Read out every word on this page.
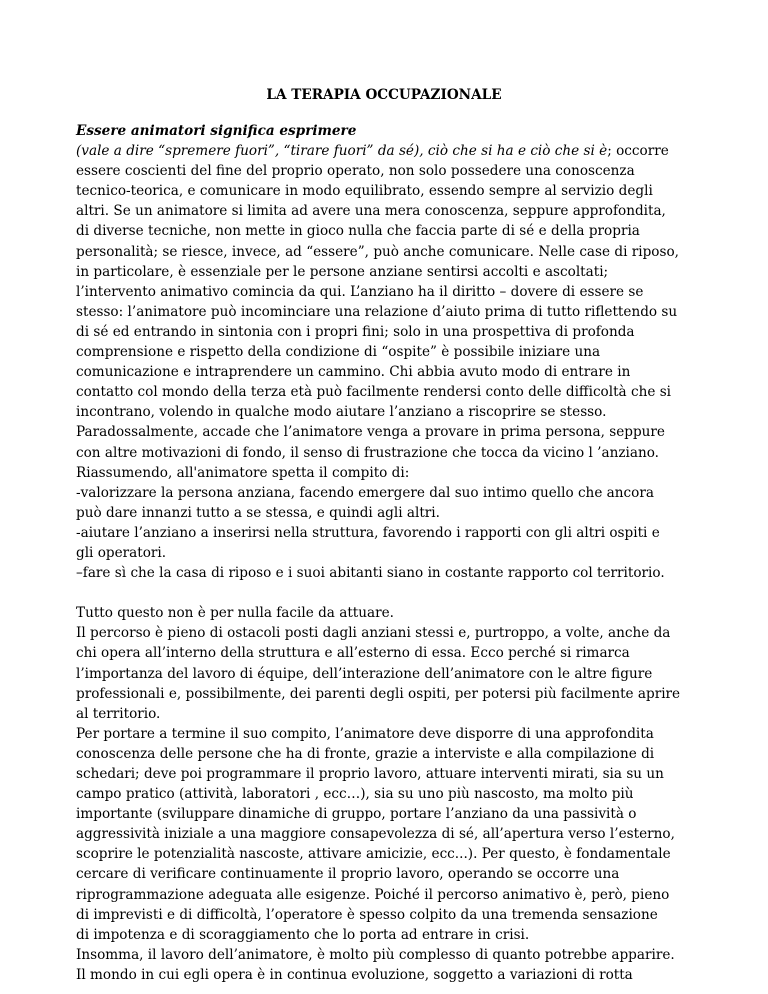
LA TERAPIA OCCUPAZIONALE
Essere animatori significa esprimere
(vale a dire “spremere fuori”, “tirare fuori” da sé), ciò che si ha e ciò che si è; occorre
essere coscienti del fine del proprio operato, non solo possedere una conoscenza
tecnico-teorica, e comunicare in modo equilibrato, essendo sempre al servizio degli
altri. Se un animatore si limita ad avere una mera conoscenza, seppure approfondita,
di diverse tecniche, non mette in gioco nulla che faccia parte di sé e della propria
personalità; se riesce, invece, ad “essere”, può anche comunicare. Nelle case di riposo,
in particolare, è essenziale per le persone anziane sentirsi accolti e ascoltati;
l’intervento animativo comincia da qui. L’anziano ha il diritto – dovere di essere se
stesso: l’animatore può incominciare una relazione d’aiuto prima di tutto riflettendo su
di sé ed entrando in sintonia con i propri fini; solo in una prospettiva di profonda
comprensione e rispetto della condizione di “ospite” è possibile iniziare una
comunicazione e intraprendere un cammino. Chi abbia avuto modo di entrare in
contatto col mondo della terza età può facilmente rendersi conto delle difficoltà che si
incontrano, volendo in qualche modo aiutare l’anziano a riscoprire se stesso.
Paradossalmente, accade che l’animatore venga a provare in prima persona, seppure
con altre motivazioni di fondo, il senso di frustrazione che tocca da vicino l ’anziano.
Riassumendo, all'animatore spetta il compito di:
-valorizzare la persona anziana, facendo emergere dal suo intimo quello che ancora
può dare innanzi tutto a se stessa, e quindi agli altri.
-aiutare l’anziano a inserirsi nella struttura, favorendo i rapporti con gli altri ospiti e
gli operatori.
–fare sì che la casa di riposo e i suoi abitanti siano in costante rapporto col territorio.
Tutto questo non è per nulla facile da attuare.
Il percorso è pieno di ostacoli posti dagli anziani stessi e, purtroppo, a volte, anche da
chi opera all’interno della struttura e all’esterno di essa. Ecco perché si rimarca
l’importanza del lavoro di équipe, dell’interazione dell’animatore con le altre figure
professionali e, possibilmente, dei parenti degli ospiti, per potersi più facilmente aprire
al territorio.
Per portare a termine il suo compito, l’animatore deve disporre di una approfondita
conoscenza delle persone che ha di fronte, grazie a interviste e alla compilazione di
schedari; deve poi programmare il proprio lavoro, attuare interventi mirati, sia su un
campo pratico (attività, laboratori , ecc…), sia su uno più nascosto, ma molto più
importante (sviluppare dinamiche di gruppo, portare l’anziano da una passività o
aggressività iniziale a una maggiore consapevolezza di sé, all’apertura verso l’esterno,
scoprire le potenzialità nascoste, attivare amicizie, ecc...). Per questo, è fondamentale
cercare di verificare continuamente il proprio lavoro, operando se occorre una
riprogrammazione adeguata alle esigenze. Poiché il percorso animativo è, però, pieno
di imprevisti e di difficoltà, l’operatore è spesso colpito da una tremenda sensazione
di impotenza e di scoraggiamento che lo porta ad entrare in crisi.
Insomma, il lavoro dell’animatore, è molto più complesso di quanto potrebbe apparire.
Il mondo in cui egli opera è in continua evoluzione, soggetto a variazioni di rotta
